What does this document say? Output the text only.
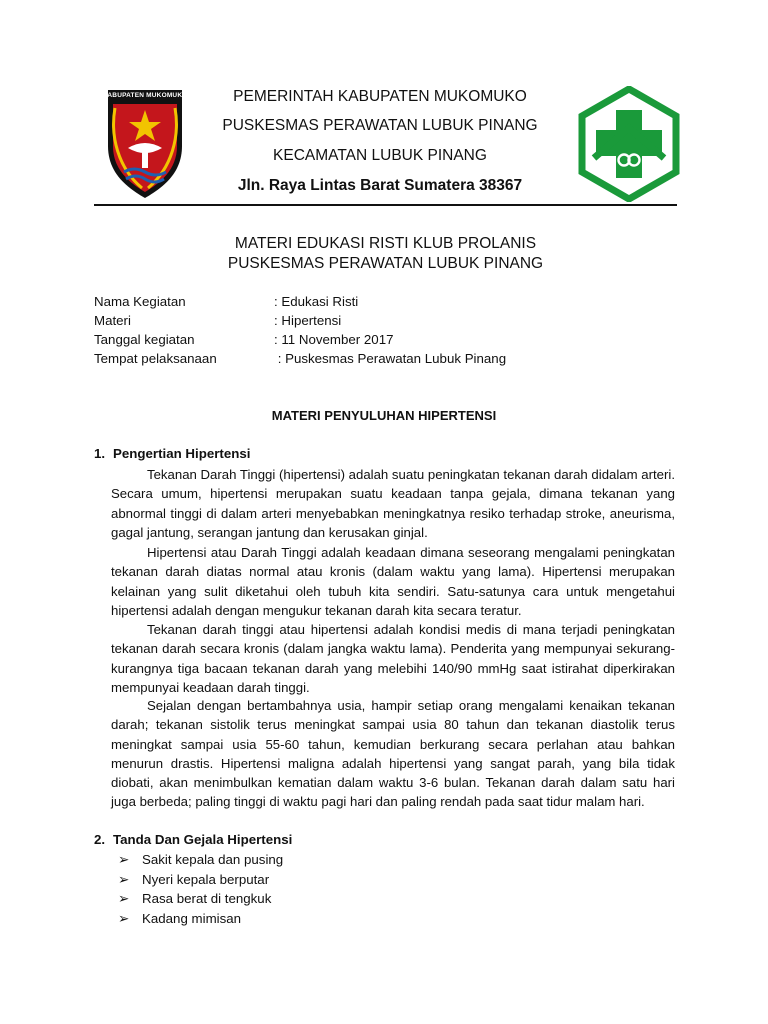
KABUPATEN MUKOMUKO	PEMERINTAH KABUPATEN MUKOMUKO
PUSKESMAS PERAWATAN LUBUK PINANG
KECAMATAN LUBUK PINANG
Jln. Raya Lintas Barat Sumatera 38367
MATERI EDUKASI RISTI KLUB PROLANIS
PUSKESMAS PERAWATAN LUBUK PINANG
Nama Kegiatan	: Edukasi Risti
Materi	: Hipertensi
Tanggal kegiatan	: 11 November 2017
Tempat pelaksanaan	: Puskesmas Perawatan Lubuk Pinang
MATERI PENYULUHAN HIPERTENSI
1. Pengertian Hipertensi

Tekanan Darah Tinggi (hipertensi) adalah suatu peningkatan tekanan darah didalam arteri. Secara umum, hipertensi merupakan suatu keadaan tanpa gejala, dimana tekanan yang abnormal tinggi di dalam arteri menyebabkan meningkatnya resiko terhadap stroke, aneurisma, gagal jantung, serangan jantung dan kerusakan ginjal.

Hipertensi atau Darah Tinggi adalah keadaan dimana seseorang mengalami peningkatan tekanan darah diatas normal atau kronis (dalam waktu yang lama). Hipertensi merupakan kelainan yang sulit diketahui oleh tubuh kita sendiri. Satu-satunya cara untuk mengetahui hipertensi adalah dengan mengukur tekanan darah kita secara teratur.

Tekanan darah tinggi atau hipertensi adalah kondisi medis di mana terjadi peningkatan tekanan darah secara kronis (dalam jangka waktu lama). Penderita yang mempunyai sekurang-kurangnya tiga bacaan tekanan darah yang melebihi 140/90 mmHg saat istirahat diperkirakan mempunyai keadaan darah tinggi.

Sejalan dengan bertambahnya usia, hampir setiap orang mengalami kenaikan tekanan darah; tekanan sistolik terus meningkat sampai usia 80 tahun dan tekanan diastolik terus meningkat sampai usia 55-60 tahun, kemudian berkurang secara perlahan atau bahkan menurun drastis. Hipertensi maligna adalah hipertensi yang sangat parah, yang bila tidak diobati, akan menimbulkan kematian dalam waktu 3-6 bulan. Tekanan darah dalam satu hari juga berbeda; paling tinggi di waktu pagi hari dan paling rendah pada saat tidur malam hari.

2. Tanda Dan Gejala Hipertensi
➢ Sakit kepala dan pusing
➢ Nyeri kepala berputar
➢ Rasa berat di tengkuk
➢ Kadang mimisan
